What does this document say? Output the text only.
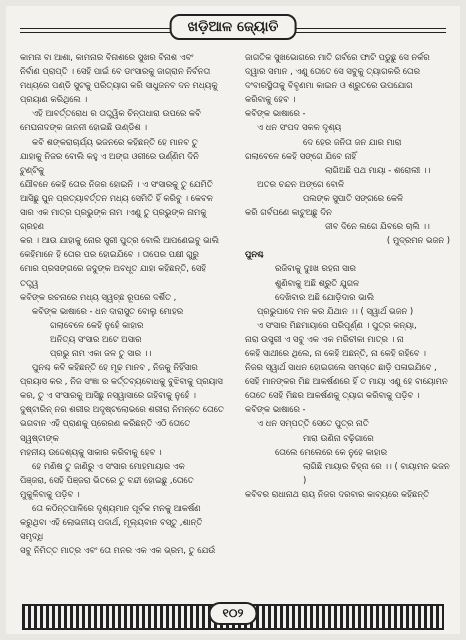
ଖଡ଼ିଆଳ ଜ୍ୟୋତି

କାମନା ବା ଆଶା, କାମନାର ବିନାଶରେ ସୁଖର ବିନାଶ ଏବଂ

ନିର୍ବାଣ ପ୍ରାପ୍ତି । ସେହି ପାଇଁ ବେ ଡାଂସାରକୁ ଜାଗ୍ରାନ ନିର୍ବନତା

ମଧ୍ୟରେ ପଣ୍ଡି ସୁଟକୁ ପରିତ୍ୟାଗ କରି ସାଧୁଜନବ ଦନ ମଧ୍ୟକୁ

ପ୍ରୟାଣ କରିଥିଲେ ।

ଏହି ଆବର୍ତ୍ତରୋଧ ର ତାତ୍ତ୍ୱିକ ଚିନ୍ତାଧାରା ଉପରେ କବି

ମେଘନାଦଙ୍କ ଜାନନୀ ହୋଇଛି ଉଣ୍ଡିଶ ।

କବି ଶଙ୍କରାଚାର୍ଯ୍ୟ ଭଜନରେ କହିଛନ୍ତି ହେ ମାନବ ତୁ

ଯାହାକୁ ନିଜର ବୋଲି କହୁ ଏ ଅଙ୍ଗ ଓରୀରେ ଉର୍ଣ୍ଣିମ ଦିନି ଟୁଣ୍ଟିକୁ

ଯୌବନେ କେହି ତୋର ନିଜର ହୋଇନି । ଏ ସଂସାରକୁ ତୁ ଯେମିତି

ଆସିଛୁ ପୁନ ପ୍ରତ୍ୟାବର୍ତ୍ତନ ମଧ୍ୟ ସେମିତି ହିଁ କରିବୁ । କେବଳ

ସାର ଏକ ମାତ୍ର ପ୍ରଭୁଙ୍କ ନାମ ।ଏଣୁ ତୁ ପ୍ରଭୁଙ୍କ ନାମକୁ ଗ୍ରହଣ

କର । ଆଉ ଯାହାକୁ ନୋର ସ୍ତ୍ରୀ ପୁତ୍ର ବୋଲି ଆପଣେଇବୁ ଭାଲି

କେହିମାନେ ହି ତୋର ପର ହୋଇଯିବେ । ତାପେର ପକ୍ଷୀ ଗୁରୁ

ମୋର ପ୍ରସଙ୍ଗରେ ଜଦୁଙ୍କ ଅବଧୂତ ଯାହା କହିଛନ୍ତି, ସେହି ତତ୍ତ୍ୱ

କବିଙ୍କ ରଚନାରେ ମଧ୍ୟ ସ୍ୱଚ୍ଛ ରୂପରେ ଦର୍ଶିତ ,

କବିଙ୍କ ଭାଷାରେ - ଧନ ଦାରାସୁତ ବୋଲୁ ମୋହର

ଗଲାବେଳେ କେହି ନୁହେଁ କାହାର

ଅନିତ୍ୟ ସଂସାର ଅଟେ ଅସାର

ପ୍ରଭୁ ନାମ ଏକା ଜଳ ତୁ ସାର ।।

ପୁନଶ୍ଚ କବି କହିଛନ୍ତି ହେ ମୂଢ ମାନବ , ନିଜକୁ ନିହିଁସାର

ପ୍ରୟାସ କର , ନିଜ ସଂଜ୍ଞା ର କର୍ତ୍ତବ୍ୟବୋଧକୁ ବୁଝିବାକୁ ପ୍ରୟାସ

କର, ତୁ ଏ ସଂସାରକୁ ଆସିଛୁ ନସ୍ୱାସାରେ ଗହିବାକୁ ନୁହେଁ ।

ଦୁଷ୍ଟାରିନ୍ ନର ଶରୀର ଅଦୃଷ୍ଟଲୋଭରେ ଶରୀରା ନିମନ୍ତେ ତୋତେ

ଭଗବାନ ଏହି ପ୍ରାଣକୁ ପ୍ରେରଣ କରିଛନ୍ତି ଏଠି ତୋତେ ସ୍ୱଷ୍ଟାଙ୍କ

ମହନୀୟ ଉଦ୍ଦେଶ୍ୟକୁ ସାକାର କରିବାକୁ ହେବ ।

ହେ ମଣିଷ ତୁ ଜାଣିରୁ ଏ ସଂସାର ମୋହମାୟାର ଏକ

ପିଞ୍ଜରା, ସେହି ପିଞ୍ଜରା ଭିତରେ ତୁ ବନ୍ଦୀ ହୋଇଛୁ ,ତୋତେ

ମୁକୁଳିବାକୁ ପଡ଼ିବ ।

ତୋ କଠିନ୍ତପାଳିରେ ଦୃଶ୍ୟମାନ ପୂର୍ବକ ମନକୁ ଆକର୍ଷଣ

କରୁଥିବା ଏହି ଲୋଭନୀୟ ପଦାର୍ଥ, ମୂଲ୍ୟବାନ ବସ୍ତୁ ,ଶାନ୍ତି ସମୃଦ୍ଧି

ସବୁ ନିମିତ୍ତ ମାତ୍ର ଏବଂ ତୋ ମନର ଏକ ଏକ ଭ୍ରମ, ତୁ ଯେଉଁ

ଜାଗତିକ ସୁଖଭୋଗରେ ମାତି ଗର୍ବରେ ଫାଟି ପଡୁଛୁ ସେ ନର୍କର

ଦ୍ୱାର ସମାନ , ଏଣୁ ତୋତେ ସେ ସବୁକୁ ତ୍ୟାଗକରି ତୋର

ଦଂବାରସ୍ଥିତାକୁ ବିବୃଣମା କାଇନ ଓ ଶ୍ରୁତରେ ଉପଯୋଗ

କରିବାକୁ ହେବ ।

କବିଙ୍କ ଭାଷାରେ -

ଏ ଧନ ସଂପଦ ସକଳ ଦୃଶ୍ୟ

ଦେ ହେର ଜନିତା ଜନ ଯାର ମାରା

ଗଲାବେଳେ କେହି ସଙ୍ଗେ ଯିବେ ନାହିଁ

ଲାଗିଅଛି ପଥ ମାୟା - ଶରୋଲୀ ।।

ଅତର ଚନ୍ଦନ ଅଙ୍ଗେ ବୋଳି

ପଲଙ୍କ ସୁପାତି ସଙ୍ଗରେ କେଳି

କରି ଗର୍ବପଣେ କାଟୁଅଛୁ ଦିନ

ଜୀବ ଦିନେ ଲଗେ ଯିବରେ ଚାଲି ।।

( ମୁଦ୍ରମନ ଭଜନ )

ପୁନଶ୍ଚ

ରଜିବାକୁ ଦୁଃଖ ରହନା ସାର

ଶୁଣିବାକୁ ଅଛି ଶ୍ରୁତି ଯୁଗଳ

ଦେଖିବାର ଅଛି ଯୋଡ଼ିଦାର ଭାଲି

ପ୍ରଭୁପାଦେ ମନ କର ଯିଥାନ ।। ( ସ୍ୱାର୍ଥ ଭଜନ )

ଏ ସଂସାର ମିଛମାୟାରେ ପରିପୂର୍ଣ୍ଣ । ପୁତ୍ର କନ୍ୟା,

ନାରା ଉସ୍ତ୍ରୀ ଏ ସବୁ ଏକ ଏକ ମରିଚୀକା ମାତ୍ର । ନା

କେହି ସାଥୀରେ ଥିଲେ, ନା କେହି ଅଛନ୍ତି, ନା କେହି ରହିବେ ।

ନିଜର ସ୍ୱାର୍ଥ ସାଧନ ହୋଇଗଲେ ସମସ୍ତେ ଛାଡ଼ି ପଳାଇଯିବେ ,

ସେହି ମାନଙ୍କର ମିଛ ଆକର୍ଷଣରେ ହିଁ ତ ମାୟା ଏଣୁ ହେ ବାୟୋମନ

ତୋତେ ସେହି ମିଛର ଆକର୍ଷଣକୁ ତ୍ୟାଗ କରିବାକୁ ପଡ଼ିବ ।

କବିଙ୍କ ଭାଷାରେ -

ଏ ଧନ ସମ୍ପତ୍ତି ସେତେ ପୁତ୍ର ନାତି

ମାରା ଉଣିନା ବଢ଼ିଗାରେ

ତୋଲେ ମେଲେରେ କେ ନୁହେ କାହାର

ଲାଗିଛି ମାୟାର ଚିହ୍ନା ରେ ।। ( ବାୟାମନ ଭଜନ )

କବିବର ରାଧାନାଥ ରାୟ ନିଜର ଦରବାର କାବ୍ୟରେ କହିଛନ୍ତି

୧୦୨
